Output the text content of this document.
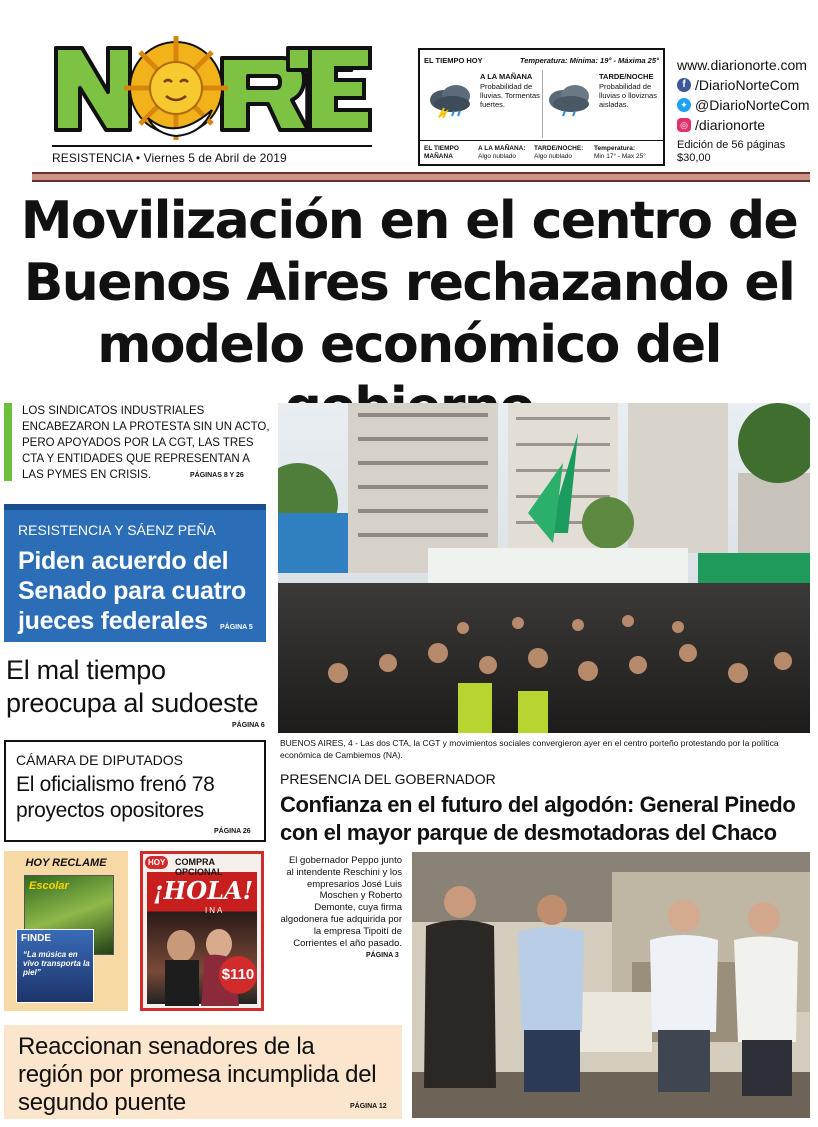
RESISTENCIA • Viernes 5 de Abril de 2019
EL TIEMPO HOY	Temperatura: Mínima: 19° - Máxima 25°
A LA MAÑANA
Probabilidad de lluvias. Tormentas fuertes.
TARDE/NOCHE
Probabilidad de lluvias o lloviznas aisladas.
EL TIEMPO MAÑANA
A LA MAÑANA:
Algo nublado
TARDE/NOCHE:
Algo nublado
Temperatura:
Min 17° - Max 25°
www.diarionorte.com
f /DiarioNorteCom
✦ @DiarioNorteCom
◎ /diarionorte
Edición de 56 páginas
$30,00
Movilización en el centro de Buenos Aires rechazando el modelo económico del
LOS SINDICATOS INDUSTRIALES ENCABEZARON LA PROTESTA SIN UN ACTO, PERO APOYADOS POR LA CGT, LAS TRES CTA Y ENTIDADES QUE REPRESENTAN A LAS PYMES EN CRISIS.	PÁGINAS 8 Y 26
RESISTENCIA Y SÁENZ PEÑA
Piden acuerdo del Senado para cuatro jueces federales	PÁGINA 5
El mal tiempo preocupa al sudoeste
PÁGINA 6
CÁMARA DE DIPUTADOS
El oficialismo frenó 78 proyectos opositores
PÁGINA 26
HOY RECLAME
Escolar
FINDE
“La música en vivo transporta la piel”
¡HOLA!
INA
$110
HOY	COMPRA OPCIONAL
Reaccionan senadores de la región por promesa incumplida del segundo puente	PÁGINA 12
BUENOS AIRES, 4 - Las dos CTA, la CGT y movimientos sociales convergieron ayer en el centro porteño protestando por la política económica de Cambiemos (NA).
PRESENCIA DEL GOBERNADOR
Confianza en el futuro del algodón: General Pinedo con el mayor parque de desmotadoras del Chaco
El gobernador Peppo junto al intendente Reschini y los empresarios José Luis Moschen y Roberto Demonte, cuya firma algodonera fue adquirida por la empresa Tipoití de Corrientes el año pasado.
PÁGINA 3
